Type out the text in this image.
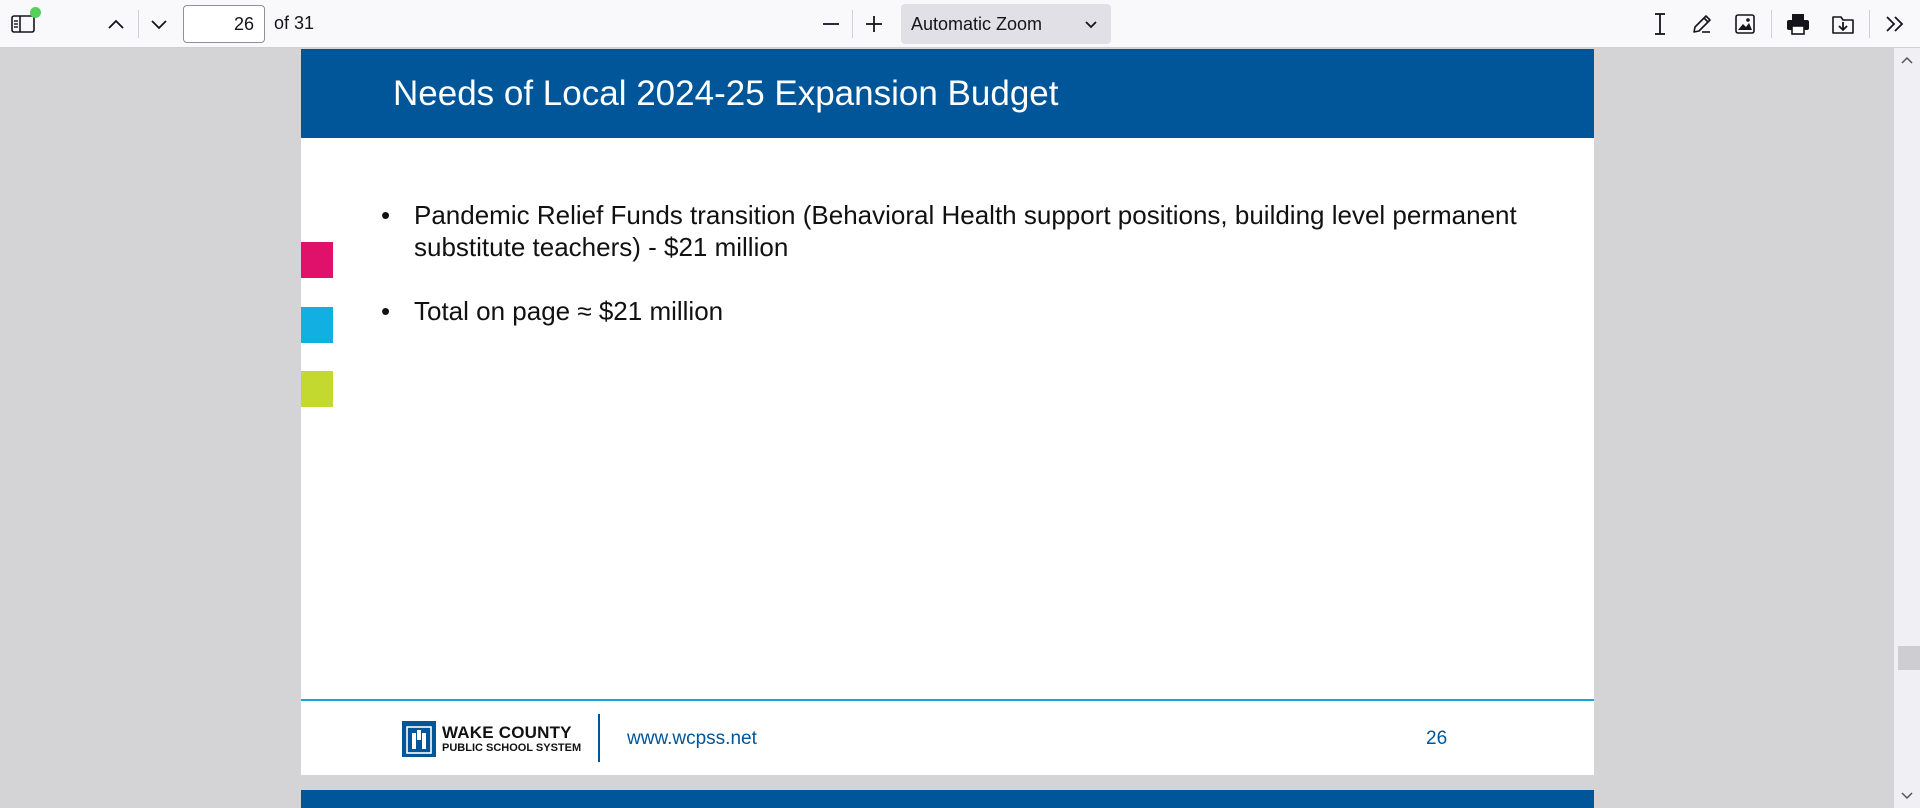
26
of 31	Automatic Zoom
Needs of Local 2024-25 Expansion Budget
• Pandemic Relief Funds transition (Behavioral Health support positions, building level permanent substitute teachers) - $21 million
• Total on page ≈ $21 million
WAKE COUNTY
PUBLIC SCHOOL SYSTEM www.wcpss.net	26
